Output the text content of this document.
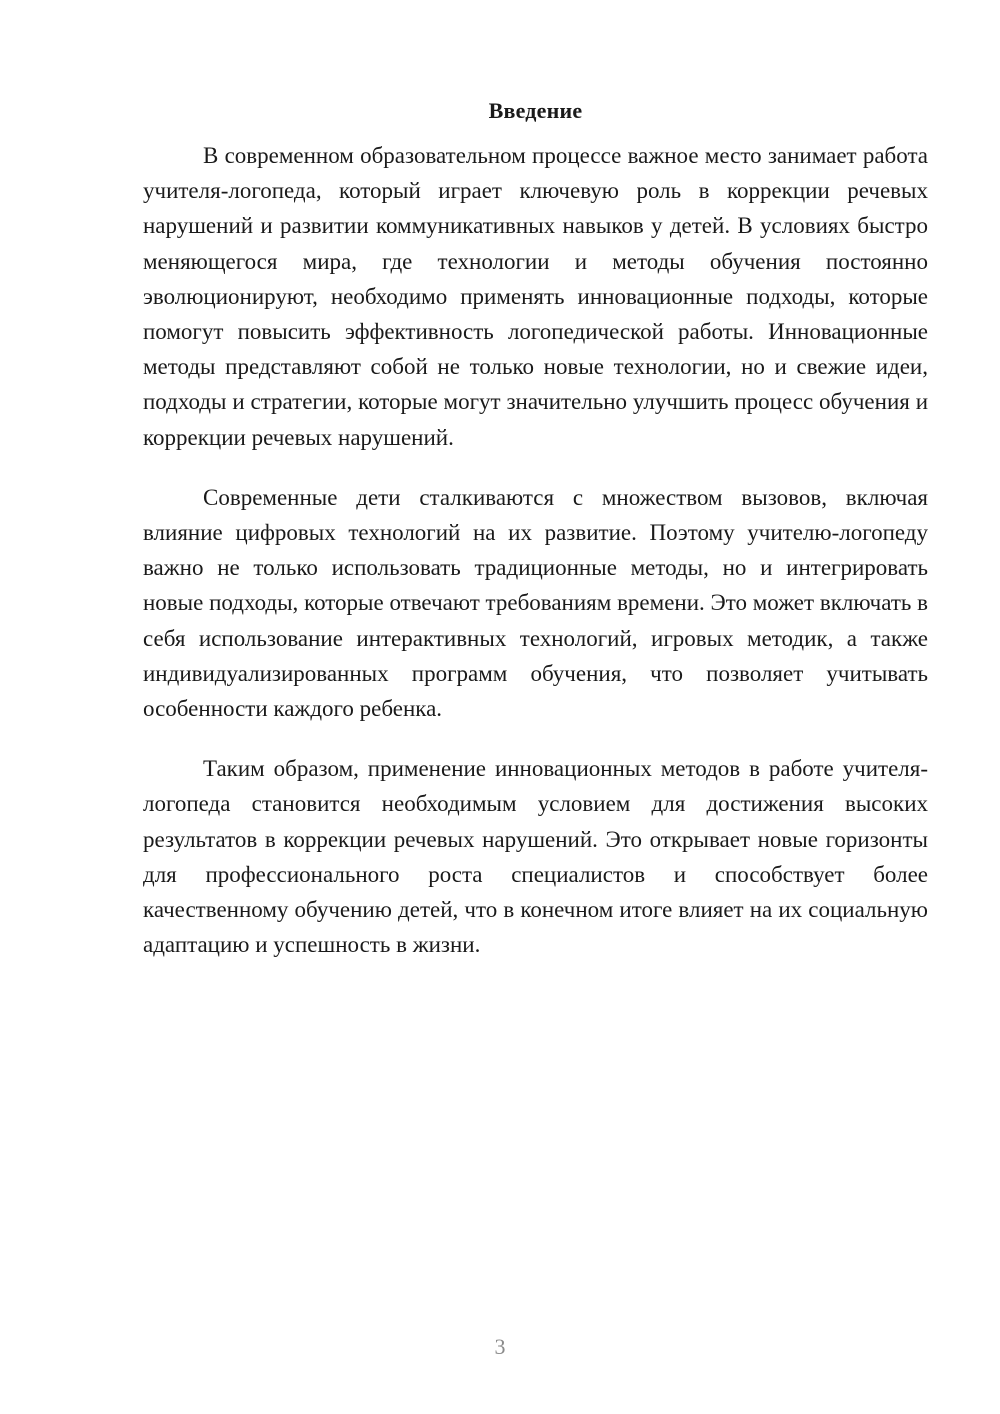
Введение

В современном образовательном процессе важное место занимает работа учителя-логопеда, который играет ключевую роль в коррекции речевых нарушений и развитии коммуникативных навыков у детей. В условиях быстро меняющегося мира, где технологии и методы обучения постоянно эволюционируют, необходимо применять инновационные подходы, которые помогут повысить эффективность логопедической работы. Инновационные методы представляют собой не только новые технологии, но и свежие идеи, подходы и стратегии, которые могут значительно улучшить процесс обучения и коррекции речевых нарушений.

Современные дети сталкиваются с множеством вызовов, включая влияние цифровых технологий на их развитие. Поэтому учителю-логопеду важно не только использовать традиционные методы, но и интегрировать новые подходы, которые отвечают требованиям времени. Это может включать в себя использование интерактивных технологий, игровых методик, а также индивидуализированных программ обучения, что позволяет учитывать особенности каждого ребенка.

Таким образом, применение инновационных методов в работе учителя-логопеда становится необходимым условием для достижения высоких результатов в коррекции речевых нарушений. Это открывает новые горизонты для профессионального роста специалистов и способствует более качественному обучению детей, что в конечном итоге влияет на их социальную адаптацию и успешность в жизни.

3
